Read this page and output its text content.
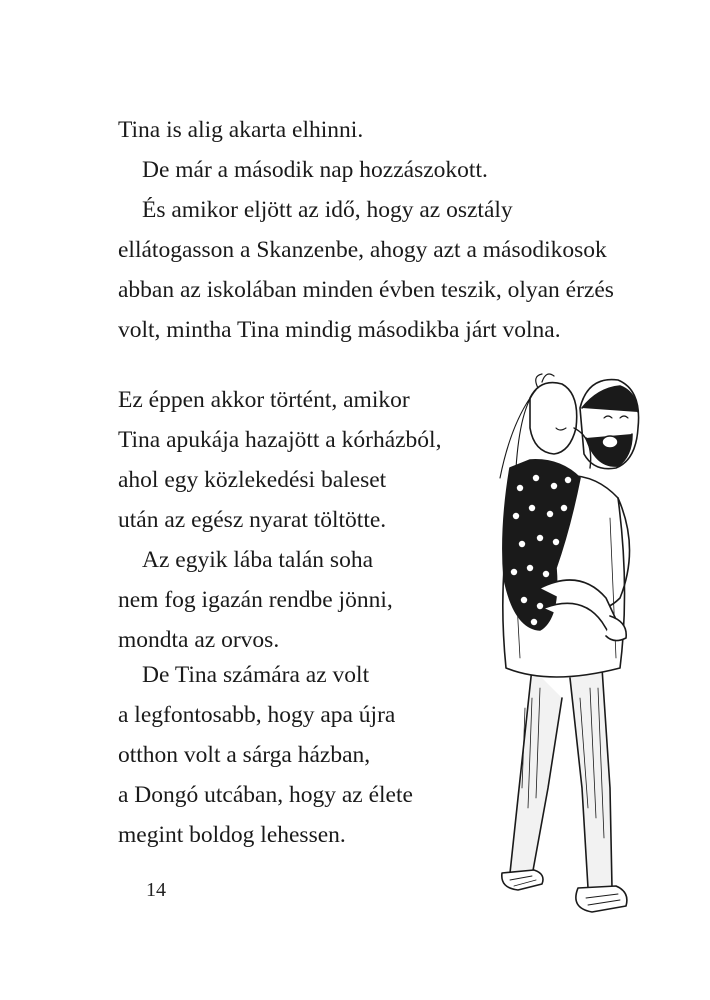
Tina is alig akarta elhinni.
De már a második nap hozzászokott.
És amikor eljött az idő, hogy az osztály
ellátogasson a Skanzenbe, ahogy azt a másodikosok
abban az iskolában minden évben teszik, olyan érzés
volt, mintha Tina mindig másodikba járt volna.
Ez éppen akkor történt, amikor
Tina apukája hazajött a kórházból,
ahol egy közlekedési baleset
után az egész nyarat töltötte.
Az egyik lába talán soha
nem fog igazán rendbe jönni,
mondta az orvos.
De Tina számára az volt
a legfontosabb, hogy apa újra
otthon volt a sárga házban,
a Dongó utcában, hogy az élete
megint boldog lehessen.
14
